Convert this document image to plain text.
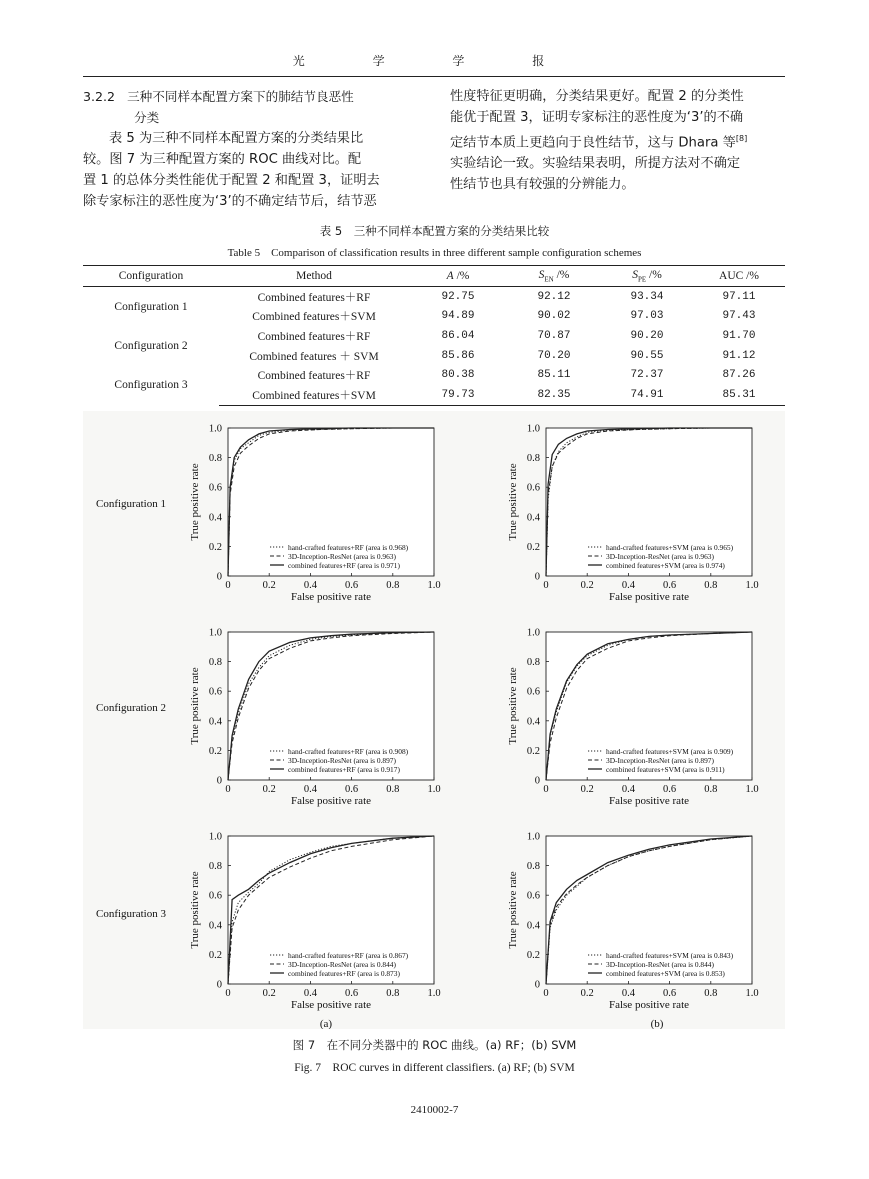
光 学 学 报

3.2.2 三种不同样本配置方案下的肺结节良恶性

分类

表 5 为三种不同样本配置方案的分类结果比

较。图 7 为三种配置方案的 ROC 曲线对比。配

置 1 的总体分类性能优于配置 2 和配置 3，证明去

除专家标注的恶性度为‘3’的不确定结节后，结节恶

性度特征更明确，分类结果更好。配置 2 的分类性

能优于配置 3，证明专家标注的恶性度为‘3’的不确

定结节本质上更趋向于良性结节，这与 Dhara 等[8]

实验结论一致。实验结果表明，所提方法对不确定

性结节也具有较强的分辨能力。

表 5　三种不同样本配置方案的分类结果比较
Table 5　Comparison of classification results in three different sample configuration schemes
Configuration	Method	A /%	$S_{EN}$ /%	$S_{PE}$ /%	AUC /%
Configuration 1	Combined features＋RF	92.75	92.12	93.34	97.11
	Combined features＋SVM	94.89	90.02	97.03	97.43
Configuration 2	Combined features＋RF	86.04	70.87	90.20	91.70
	Combined features ＋ SVM	85.86	70.20	90.55	91.12
Configuration 3	Combined features＋RF	80.38	85.11	72.37	87.26
	Combined features＋SVM	79.73	82.35	74.91	85.31
Configuration 1
Configuration 2
Configuration 3
(a)	(b)
0	0.2	0.4	0.6	0.8	1.0
0
0.2
0.4
0.6
0.8
1.0
False positive rate
True positive rate
hand-crafted features+RF (area is 0.968)
3D-Inception-ResNet (area is 0.963)
combined features+RF (area is 0.971)
0	0.2	0.4	0.6	0.8	1.0
0
0.2
0.4
0.6
0.8
1.0
False positive rate
True positive rate
hand-crafted features+SVM (area is 0.965)
3D-Inception-ResNet (area is 0.963)
combined features+SVM (area is 0.974)
0	0.2	0.4	0.6	0.8	1.0
0
0.2
0.4
0.6
0.8
1.0
False positive rate
True positive rate
hand-crafted features+RF (area is 0.908)
3D-Inception-ResNet (area is 0.897)
combined features+RF (area is 0.917)
0	0.2	0.4	0.6	0.8	1.0
0
0.2
0.4
0.6
0.8
1.0
False positive rate
True positive rate
hand-crafted features+SVM (area is 0.909)
3D-Inception-ResNet (area is 0.897)
combined features+SVM (area is 0.911)
0	0.2	0.4	0.6	0.8	1.0
0
0.2
0.4
0.6
0.8
1.0
False positive rate
True positive rate
hand-crafted features+RF (area is 0.867)
3D-Inception-ResNet (area is 0.844)
combined features+RF (area is 0.873)
0	0.2	0.4	0.6	0.8	1.0
0
0.2
0.4
0.6
0.8
1.0
False positive rate
True positive rate
hand-crafted features+SVM (area is 0.843)
3D-Inception-ResNet (area is 0.844)
combined features+SVM (area is 0.853)
图 7　在不同分类器中的 ROC 曲线。(a) RF；(b) SVM
Fig. 7　ROC curves in different classifiers. (a) RF; (b) SVM
2410002-7
